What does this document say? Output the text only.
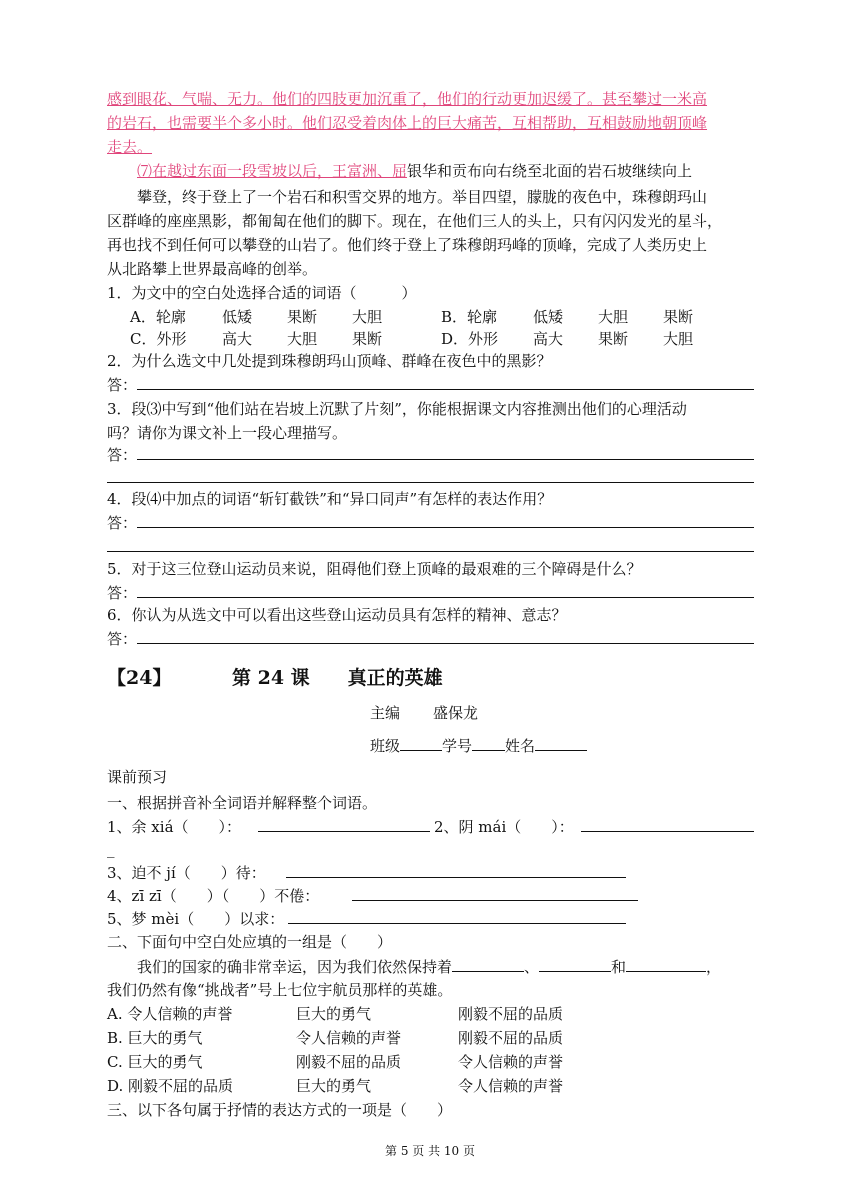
感到眼花、气喘、无力。他们的四肢更加沉重了，他们的行动更加迟缓了。甚至攀过一米高
的岩石，也需要半个多小时。他们忍受着肉体上的巨大痛苦，互相帮助，互相鼓励地朝顶峰
走去。
⑺在越过东面一段雪坡以后，王富洲、屈银华和贡布向右绕至北面的岩石坡继续向上
攀登，终于登上了一个岩石和积雪交界的地方。举目四望，朦胧的夜色中，珠穆朗玛山
区群峰的座座黑影，都匍匐在他们的脚下。现在，在他们三人的头上，只有闪闪发光的星斗，
再也找不到任何可以攀登的山岩了。他们终于登上了珠穆朗玛峰的顶峰，完成了人类历史上
从北路攀上世界最高峰的创举。
1．为文中的空白处选择合适的词语（　　　）
A．轮廓 低矮 果断 大胆	B．轮廓 低矮 大胆 果断
C．外形 高大 大胆 果断	D．外形 高大 果断 大胆
2．为什么选文中几处提到珠穆朗玛山顶峰、群峰在夜色中的黑影？
答：
3．段⑶中写到“他们站在岩坡上沉默了片刻”，你能根据课文内容推测出他们的心理活动
吗？请你为课文补上一段心理描写。
答：
4．段⑷中加点的词语“斩钉截铁”和“异口同声”有怎样的表达作用？
答：
5．对于这三位登山运动员来说，阻碍他们登上顶峰的最艰难的三个障碍是什么？
答：
6．你认为从选文中可以看出这些登山运动员具有怎样的精神、意志？
答：
【24】	第 24 课　　真正的英雄
主编 盛保龙
班级	学号 姓名
课前预习
一、根据拼音补全词语并解释整个词语。
1、余 xiá（　　）：	2、阴 mái（　　）：
_
3、迫不 jí（　　）待：
4、zī zī（　　）（　　）不倦：
5、梦 mèi（　　）以求：
二、下面句中空白处应填的一组是（　　）
我们的国家的确非常幸运，因为我们依然保持着	、	和	，
我们仍然有像“挑战者”号上七位宇航员那样的英雄。
A. 令人信赖的声誉	巨大的勇气	刚毅不屈的品质
B. 巨大的勇气	令人信赖的声誉	刚毅不屈的品质
C. 巨大的勇气	刚毅不屈的品质	令人信赖的声誉
D. 刚毅不屈的品质	巨大的勇气	令人信赖的声誉
三、以下各句属于抒情的表达方式的一项是（　　）
第 5 页 共 10 页
